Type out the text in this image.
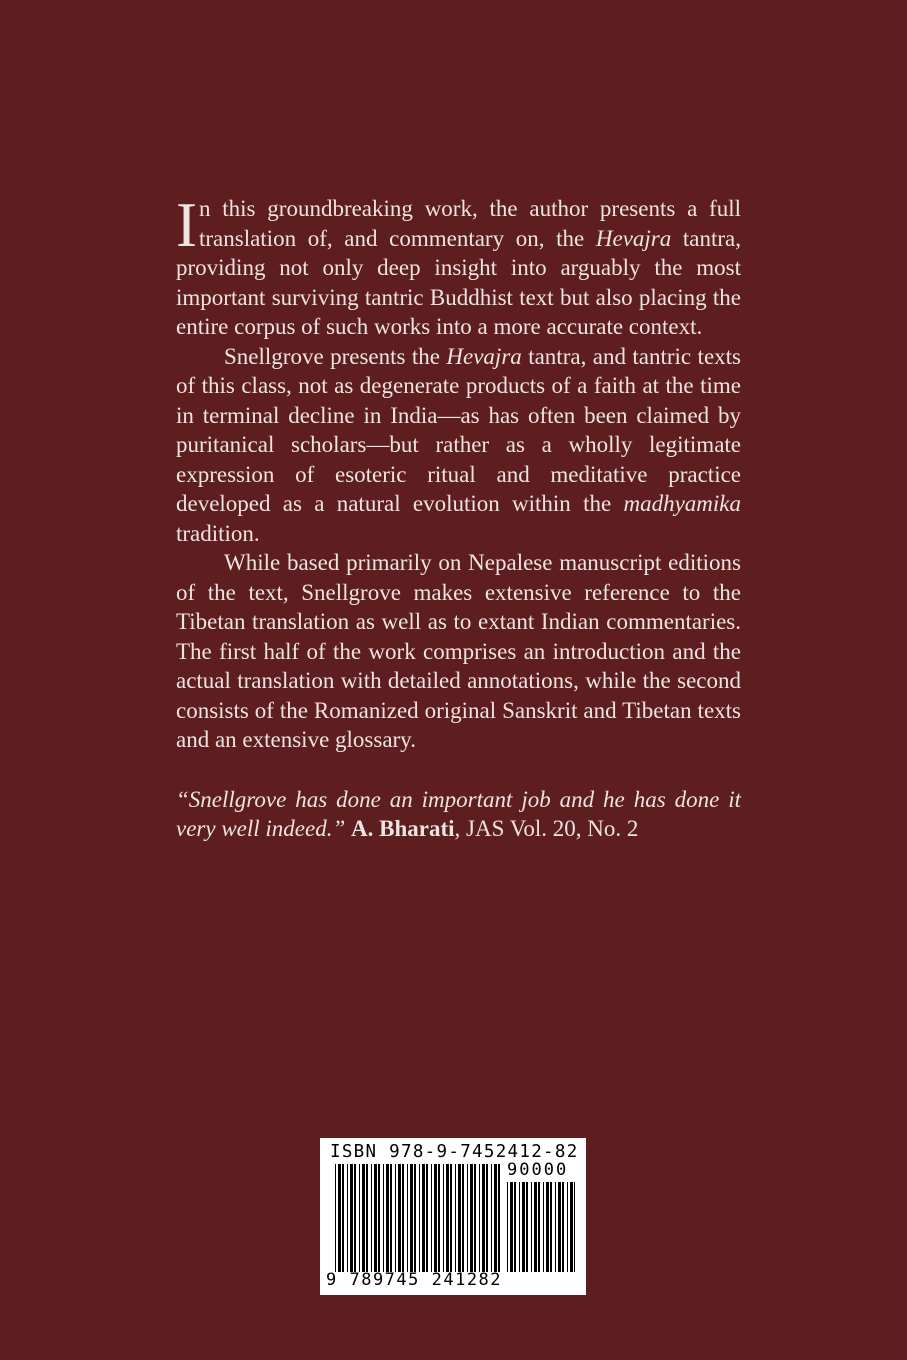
In this groundbreaking work, the author presents a full translation of, and commentary on, the Hevajra tantra, providing not only deep insight into arguably the most important surviving tantric Buddhist text but also placing the entire corpus of such works into a more accurate context.

Snellgrove presents the Hevajra tantra, and tantric texts of this class, not as degenerate products of a faith at the time in terminal decline in India—as has often been claimed by puritanical scholars—but rather as a wholly legitimate expression of esoteric ritual and meditative practice developed as a natural evolution within the madhyamika tradition.

While based primarily on Nepalese manuscript editions of the text, Snellgrove makes extensive reference to the Tibetan translation as well as to extant Indian commentaries. The first half of the work comprises an introduction and the actual translation with detailed annotations, while the second consists of the Romanized original Sanskrit and Tibetan texts and an extensive glossary.

“Snellgrove has done an important job and he has done it very well indeed.” A. Bharati, JAS Vol. 20, No. 2

ISBN 978-9-7452412-82
90000
9 789745 241282
